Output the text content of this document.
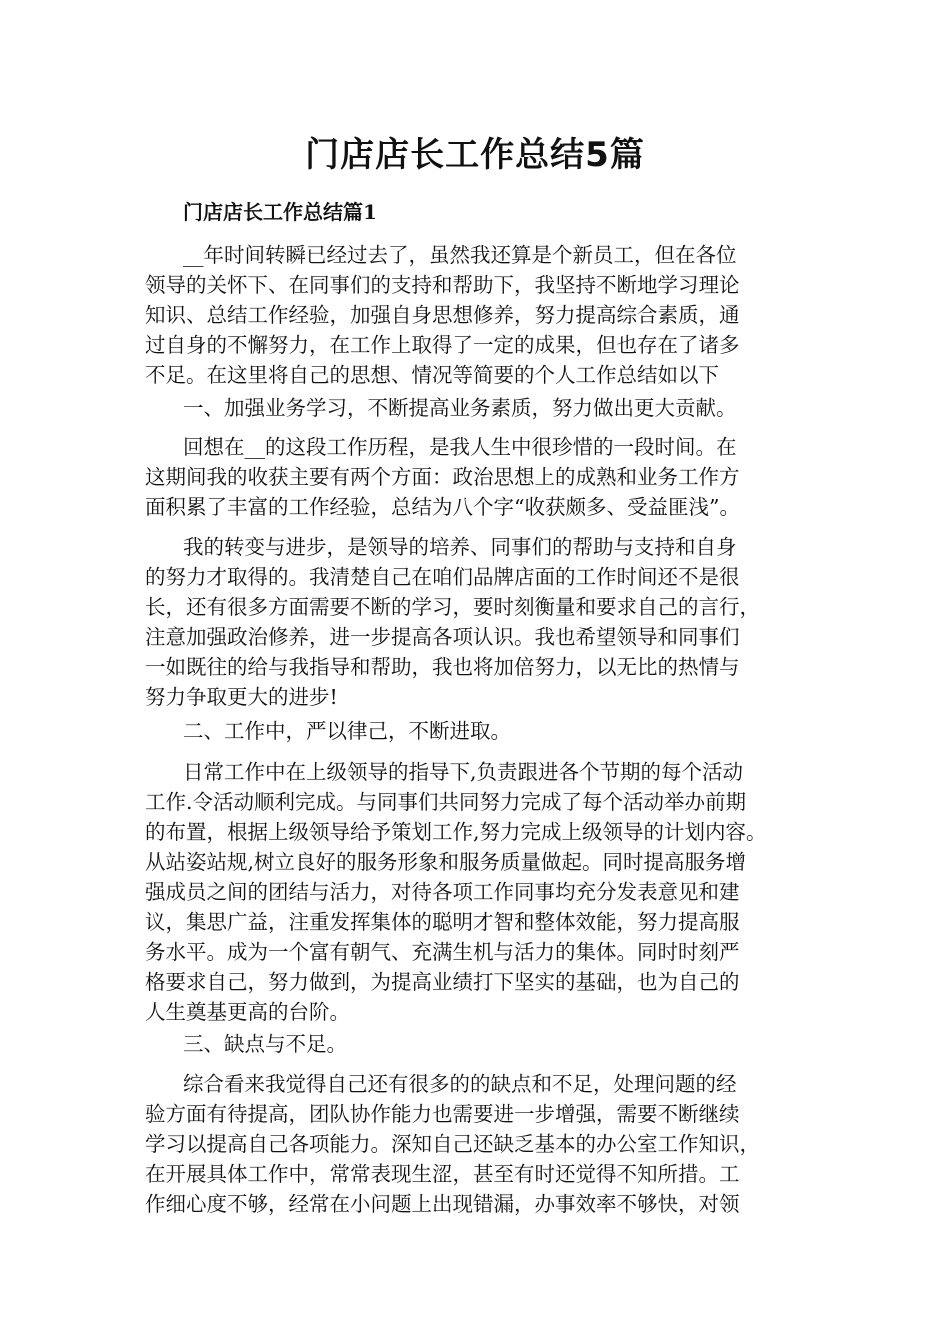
门店店长工作总结5篇
门店店长工作总结篇1
__年时间转瞬已经过去了，虽然我还算是个新员工，但在各位
领导的关怀下、在同事们的支持和帮助下，我坚持不断地学习理论
知识、总结工作经验，加强自身思想修养，努力提高综合素质，通
过自身的不懈努力，在工作上取得了一定的成果，但也存在了诸多
不足。在这里将自己的思想、情况等简要的个人工作总结如以下
一、加强业务学习，不断提高业务素质，努力做出更大贡献。
回想在__的这段工作历程，是我人生中很珍惜的一段时间。在
这期间我的收获主要有两个方面：政治思想上的成熟和业务工作方
面积累了丰富的工作经验，总结为八个字“收获颇多、受益匪浅”。
我的转变与进步，是领导的培养、同事们的帮助与支持和自身
的努力才取得的。我清楚自己在咱们品牌店面的工作时间还不是很
长，还有很多方面需要不断的学习，要时刻衡量和要求自己的言行，
注意加强政治修养，进一步提高各项认识。我也希望领导和同事们
一如既往的给与我指导和帮助，我也将加倍努力，以无比的热情与
努力争取更大的进步!
二、工作中，严以律己，不断进取。
日常工作中在上级领导的指导下,负责跟进各个节期的每个活动
工作.令活动顺利完成。与同事们共同努力完成了每个活动举办前期
的布置，根据上级领导给予策划工作,努力完成上级领导的计划内容。
从站姿站规,树立良好的服务形象和服务质量做起。同时提高服务增
强成员之间的团结与活力，对待各项工作同事均充分发表意见和建
议，集思广益，注重发挥集体的聪明才智和整体效能，努力提高服
务水平。成为一个富有朝气、充满生机与活力的集体。同时时刻严
格要求自己，努力做到，为提高业绩打下坚实的基础，也为自己的
人生奠基更高的台阶。
三、缺点与不足。
综合看来我觉得自己还有很多的的缺点和不足，处理问题的经
验方面有待提高，团队协作能力也需要进一步增强，需要不断继续
学习以提高自己各项能力。深知自己还缺乏基本的办公室工作知识，
在开展具体工作中，常常表现生涩，甚至有时还觉得不知所措。工
作细心度不够，经常在小问题上出现错漏，办事效率不够快，对领
